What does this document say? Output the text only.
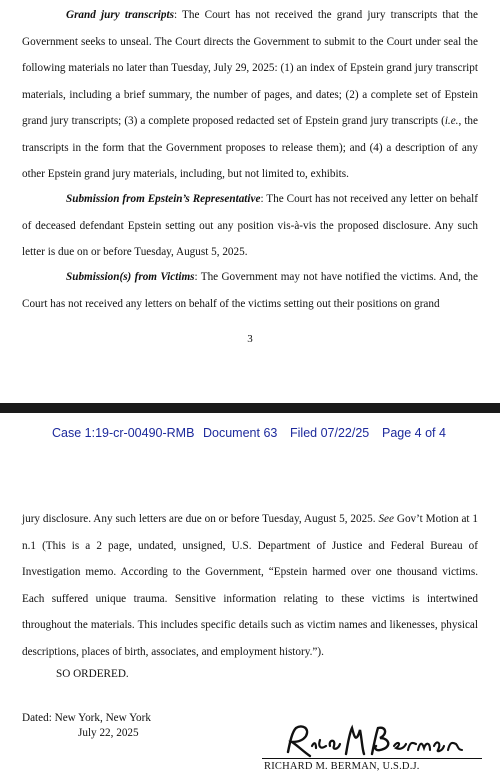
Grand jury transcripts: The Court has not received the grand jury transcripts that the Government seeks to unseal. The Court directs the Government to submit to the Court under seal the following materials no later than Tuesday, July 29, 2025: (1) an index of Epstein grand jury transcript materials, including a brief summary, the number of pages, and dates; (2) a complete set of Epstein grand jury transcripts; (3) a complete proposed redacted set of Epstein grand jury transcripts (i.e., the transcripts in the form that the Government proposes to release them); and (4) a description of any other Epstein grand jury materials, including, but not limited to, exhibits.

Submission from Epstein’s Representative: The Court has not received any letter on behalf of deceased defendant Epstein setting out any position vis-à-vis the proposed disclosure. Any such letter is due on or before Tuesday, August 5, 2025.

Submission(s) from Victims: The Government may not have notified the victims. And, the Court has not received any letters on behalf of the victims setting out their positions on grand

3
Case 1:19-cr-00490-RMB Document 63 Filed 07/22/25 Page 4 of 4

jury disclosure. Any such letters are due on or before Tuesday, August 5, 2025. See Gov’t Motion at 1 n.1 (This is a 2 page, undated, unsigned, U.S. Department of Justice and Federal Bureau of Investigation memo. According to the Government, “Epstein harmed over one thousand victims. Each suffered unique trauma. Sensitive information relating to these victims is intertwined throughout the materials. This includes specific details such as victim names and likenesses, physical descriptions, places of birth, associates, and employment history.”).

SO ORDERED.
Dated: New York, New York
July 22, 2025
RICHARD M. BERMAN, U.S.D.J.
